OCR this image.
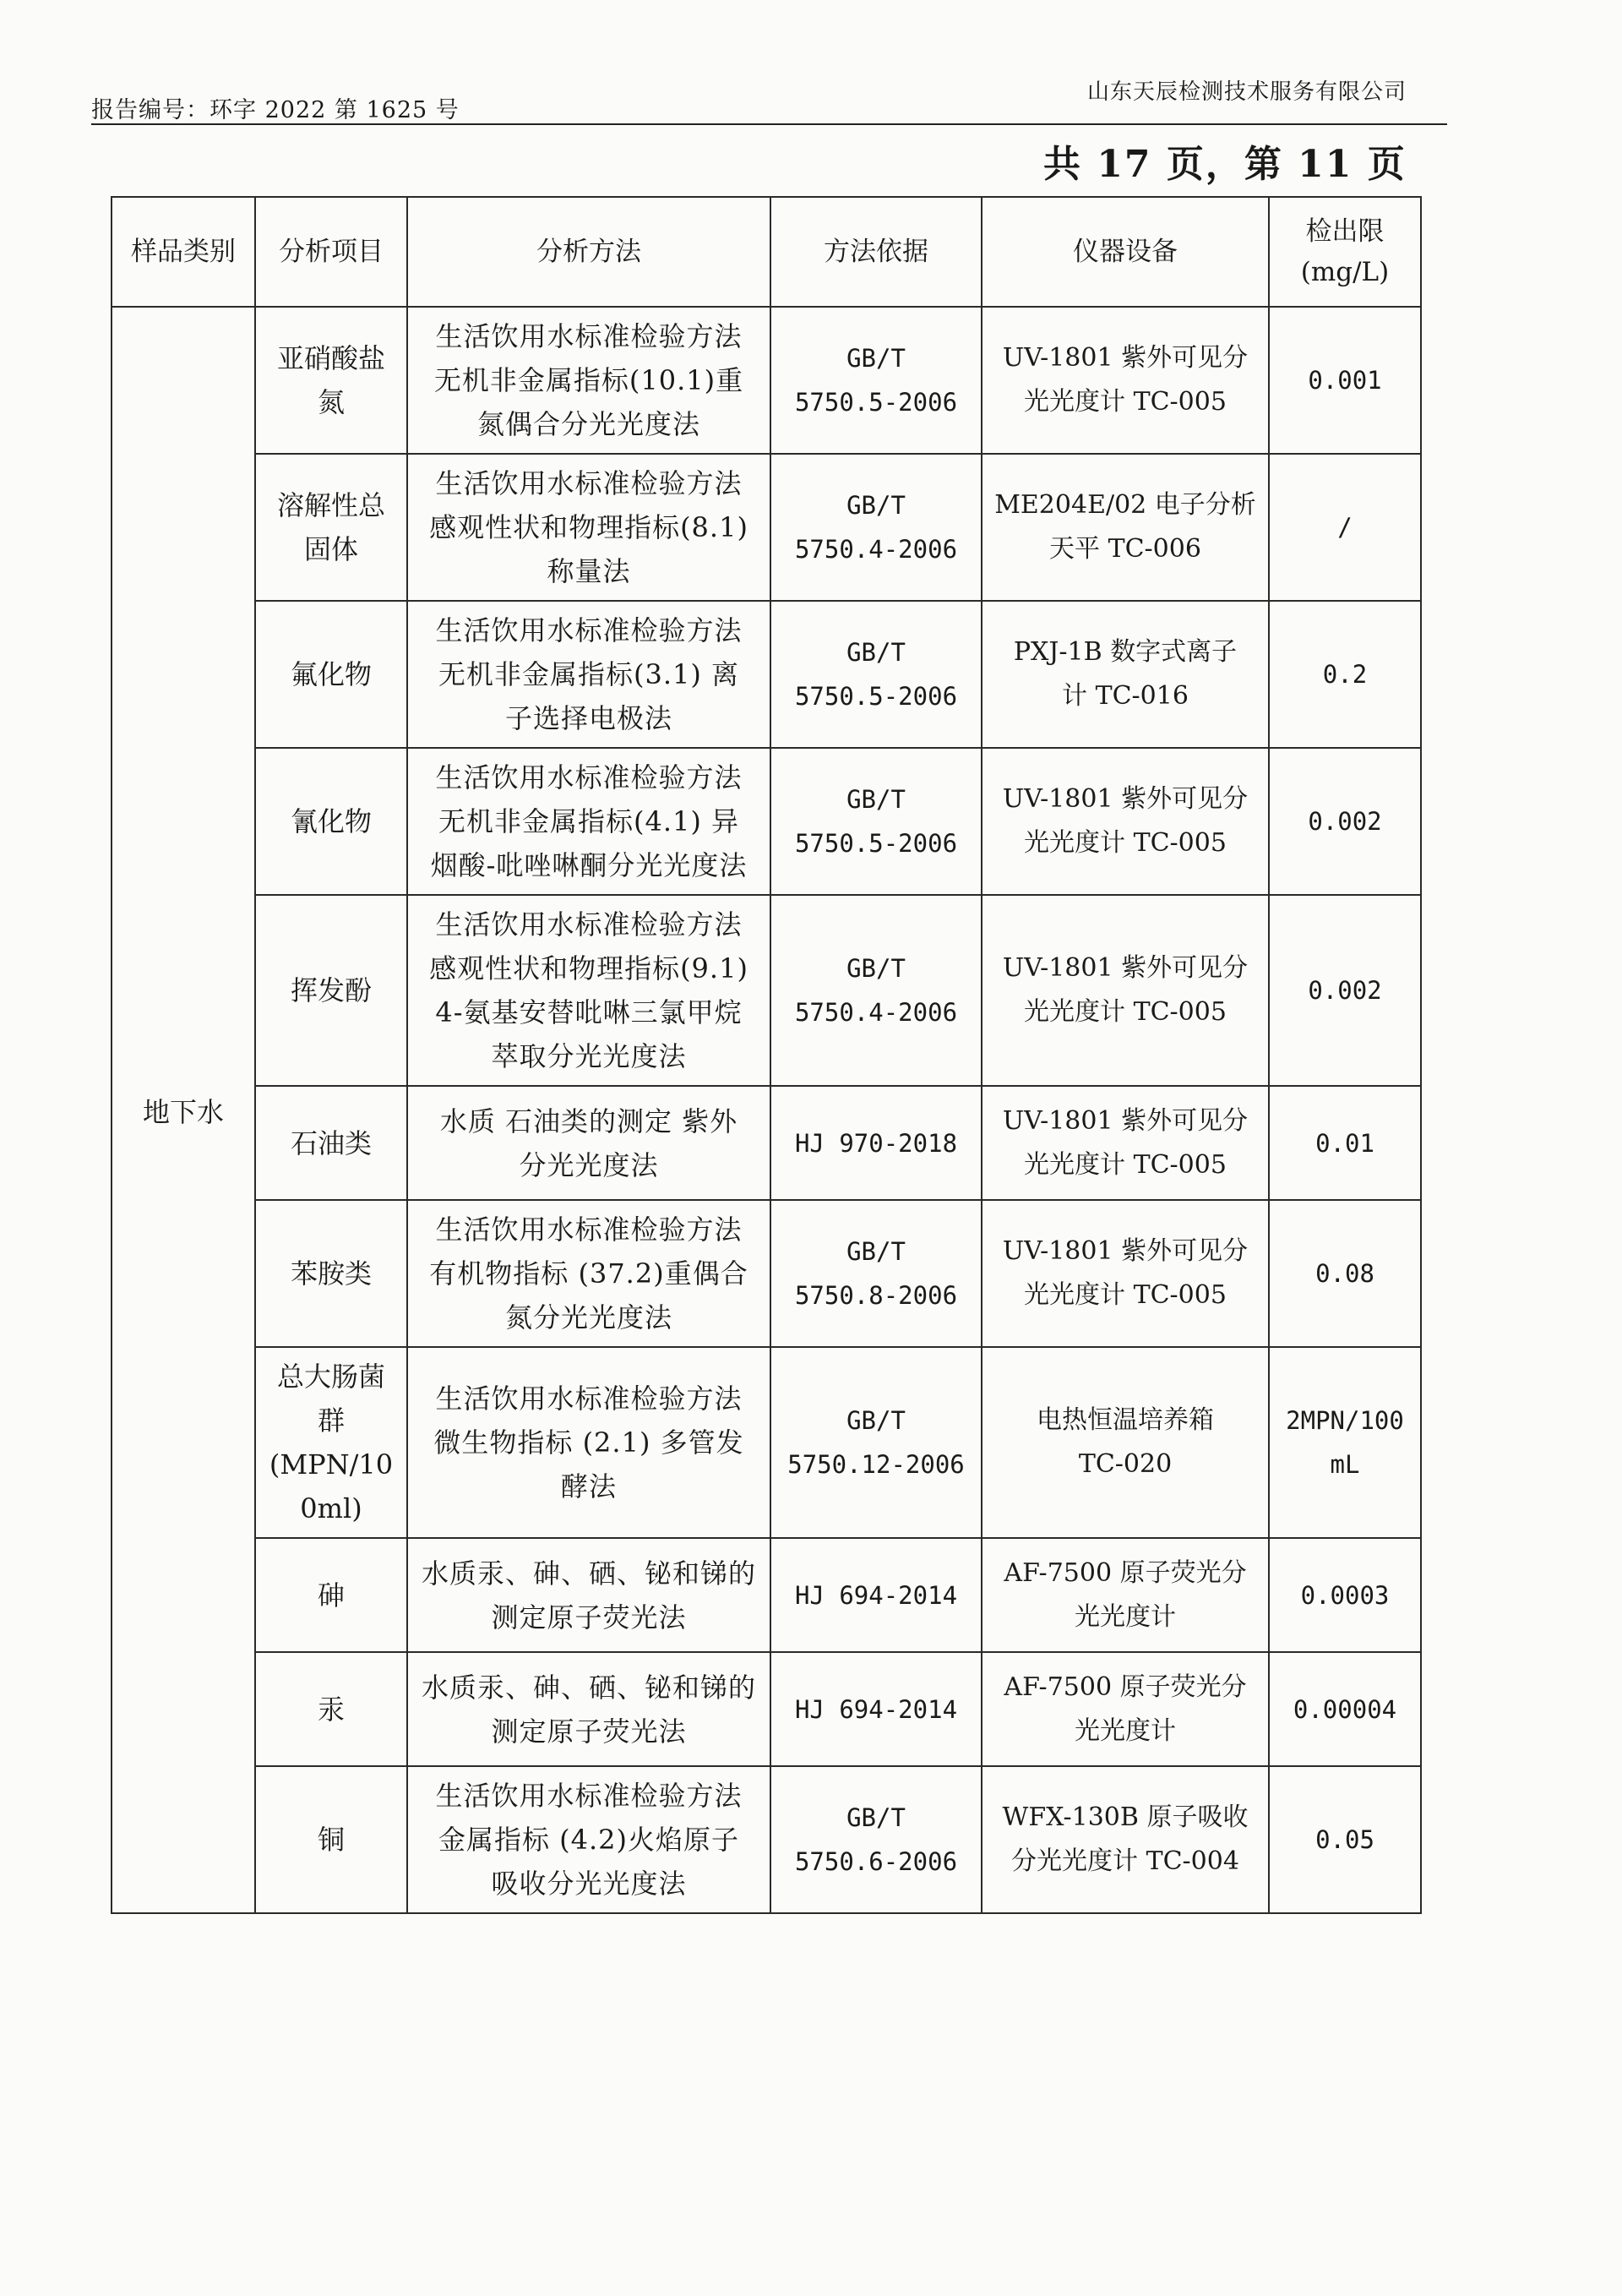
报告编号：环字 2022 第 1625 号
山东天辰检测技术服务有限公司
共 17 页，第 11 页
样品类别	分析项目	分析方法	方法依据	仪器设备	检出限
(mg/L)

地下水	亚硝酸盐
氮	生活饮用水标准检验方法
无机非金属指标(10.1)重
氮偶合分光光度法	GB/T
5750.5-2006	UV-1801 紫外可见分
光光度计 TC-005	0.001

	溶解性总
固体	生活饮用水标准检验方法
感观性状和物理指标(8.1)
称量法	GB/T
5750.4-2006	ME204E/02 电子分析
天平 TC-006	/

	氟化物	生活饮用水标准检验方法
无机非金属指标(3.1) 离
子选择电极法	GB/T
5750.5-2006	PXJ-1B 数字式离子
计 TC-016	0.2

	氰化物	生活饮用水标准检验方法
无机非金属指标(4.1) 异
烟酸-吡唑啉酮分光光度法	GB/T
5750.5-2006	UV-1801 紫外可见分
光光度计 TC-005	0.002

	挥发酚	生活饮用水标准检验方法
感观性状和物理指标(9.1)
4-氨基安替吡啉三氯甲烷
萃取分光光度法	GB/T
5750.4-2006	UV-1801 紫外可见分
光光度计 TC-005	0.002

	石油类	水质 石油类的测定 紫外
分光光度法	HJ 970-2018	UV-1801 紫外可见分
光光度计 TC-005	0.01

	苯胺类	生活饮用水标准检验方法
有机物指标 (37.2)重偶合
氮分光光度法	GB/T
5750.8-2006	UV-1801 紫外可见分
光光度计 TC-005	0.08

	总大肠菌
群
(MPN/10
0ml)	生活饮用水标准检验方法
微生物指标 (2.1) 多管发
酵法	GB/T
5750.12-2006	电热恒温培养箱
TC-020	2MPN/100
mL

	砷	水质汞、砷、硒、铋和锑的
测定原子荧光法	HJ 694-2014	AF-7500 原子荧光分
光光度计	0.0003

	汞	水质汞、砷、硒、铋和锑的
测定原子荧光法	HJ 694-2014	AF-7500 原子荧光分
光光度计	0.00004

	铜	生活饮用水标准检验方法
金属指标 (4.2)火焰原子
吸收分光光度法	GB/T
5750.6-2006	WFX-130B 原子吸收
分光光度计 TC-004	0.05
